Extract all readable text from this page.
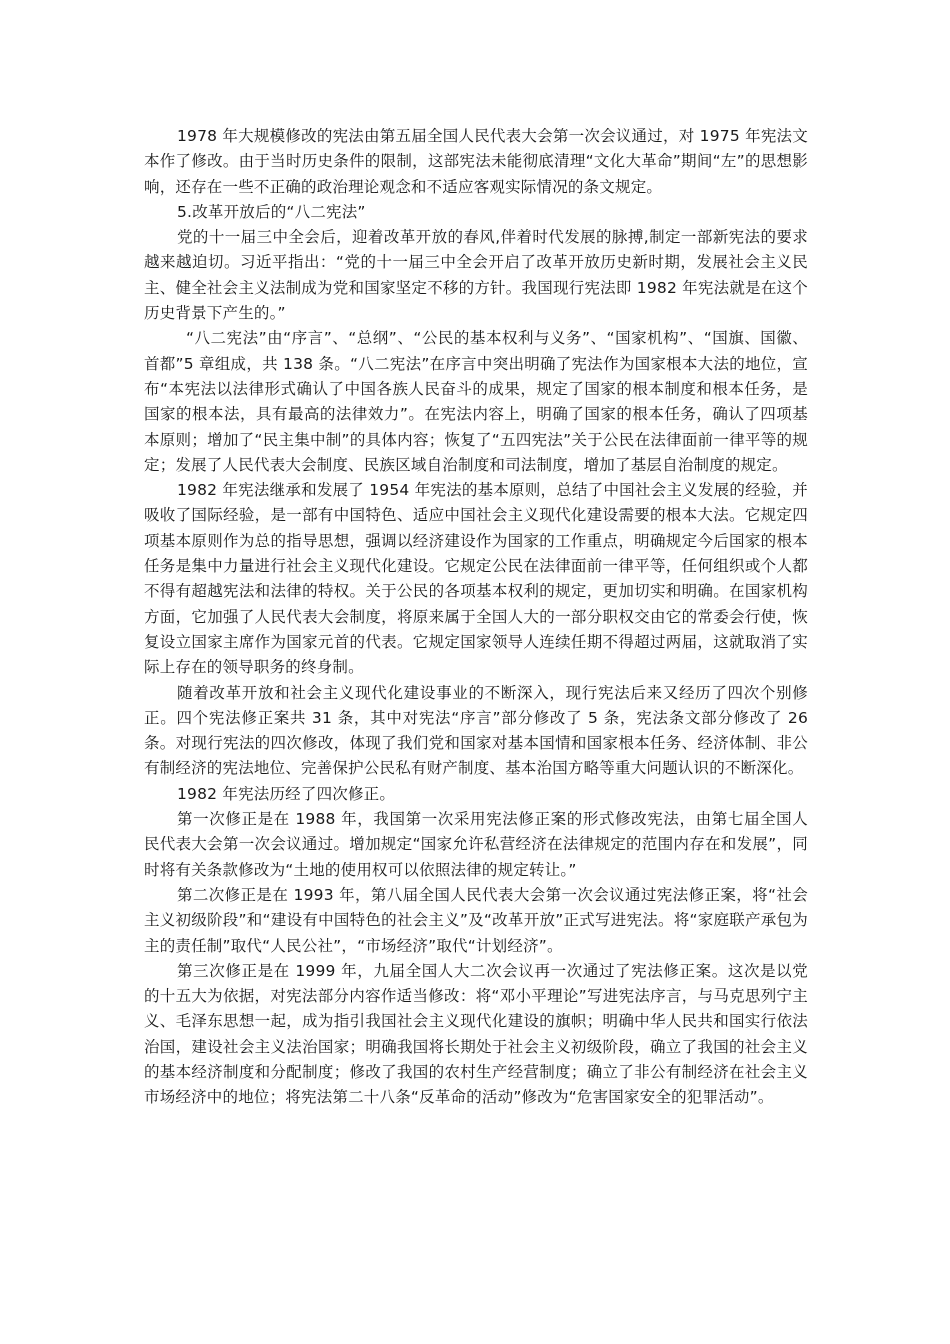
1978 年大规模修改的宪法由第五届全国人民代表大会第一次会议通过，对 1975 年宪法文本作了修改。由于当时历史条件的限制，这部宪法未能彻底清理“文化大革命”期间“左”的思想影响，还存在一些不正确的政治理论观念和不适应客观实际情况的条文规定。

5.改革开放后的“八二宪法”

党的十一届三中全会后，迎着改革开放的春风,伴着时代发展的脉搏,制定一部新宪法的要求越来越迫切。习近平指出：“党的十一届三中全会开启了改革开放历史新时期，发展社会主义民主、健全社会主义法制成为党和国家坚定不移的方针。我国现行宪法即 1982 年宪法就是在这个历史背景下产生的。”

“八二宪法”由“序言”、“总纲”、“公民的基本权利与义务”、“国家机构”、“国旗、国徽、首都”5 章组成，共 138 条。“八二宪法”在序言中突出明确了宪法作为国家根本大法的地位，宣布“本宪法以法律形式确认了中国各族人民奋斗的成果，规定了国家的根本制度和根本任务，是国家的根本法，具有最高的法律效力”。在宪法内容上，明确了国家的根本任务，确认了四项基本原则；增加了“民主集中制”的具体内容；恢复了“五四宪法”关于公民在法律面前一律平等的规定；发展了人民代表大会制度、民族区域自治制度和司法制度，增加了基层自治制度的规定。

1982 年宪法继承和发展了 1954 年宪法的基本原则，总结了中国社会主义发展的经验，并吸收了国际经验，是一部有中国特色、适应中国社会主义现代化建设需要的根本大法。它规定四项基本原则作为总的指导思想，强调以经济建设作为国家的工作重点，明确规定今后国家的根本任务是集中力量进行社会主义现代化建设。它规定公民在法律面前一律平等，任何组织或个人都不得有超越宪法和法律的特权。关于公民的各项基本权利的规定，更加切实和明确。在国家机构方面，它加强了人民代表大会制度，将原来属于全国人大的一部分职权交由它的常委会行使，恢复设立国家主席作为国家元首的代表。它规定国家领导人连续任期不得超过两届，这就取消了实际上存在的领导职务的终身制。

随着改革开放和社会主义现代化建设事业的不断深入，现行宪法后来又经历了四次个别修正。四个宪法修正案共 31 条，其中对宪法“序言”部分修改了 5 条，宪法条文部分修改了 26 条。对现行宪法的四次修改，体现了我们党和国家对基本国情和国家根本任务、经济体制、非公有制经济的宪法地位、完善保护公民私有财产制度、基本治国方略等重大问题认识的不断深化。

1982 年宪法历经了四次修正。

第一次修正是在 1988 年，我国第一次采用宪法修正案的形式修改宪法，由第七届全国人民代表大会第一次会议通过。增加规定“国家允许私营经济在法律规定的范围内存在和发展”，同时将有关条款修改为“土地的使用权可以依照法律的规定转让。”

第二次修正是在 1993 年，第八届全国人民代表大会第一次会议通过宪法修正案，将“社会主义初级阶段”和“建设有中国特色的社会主义”及“改革开放”正式写进宪法。将“家庭联产承包为主的责任制”取代“人民公社”，“市场经济”取代“计划经济”。

第三次修正是在 1999 年，九届全国人大二次会议再一次通过了宪法修正案。这次是以党的十五大为依据，对宪法部分内容作适当修改：将“邓小平理论”写进宪法序言，与马克思列宁主义、毛泽东思想一起，成为指引我国社会主义现代化建设的旗帜；明确中华人民共和国实行依法治国，建设社会主义法治国家；明确我国将长期处于社会主义初级阶段，确立了我国的社会主义的基本经济制度和分配制度；修改了我国的农村生产经营制度；确立了非公有制经济在社会主义市场经济中的地位；将宪法第二十八条“反革命的活动”修改为“危害国家安全的犯罪活动”。
